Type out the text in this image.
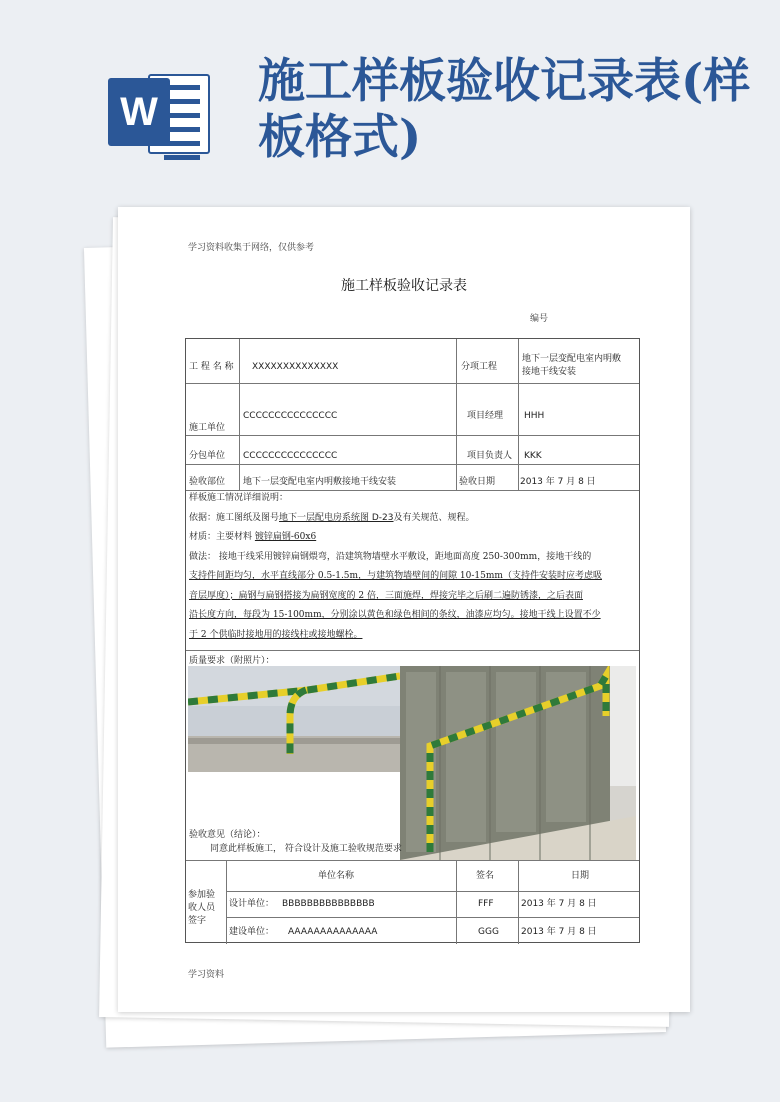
W
施工样板验收记录表(样板格式)
学习资料收集于网络，仅供参考
施工样板验收记录表
编号
工 程 名 称 XXXXXXXXXXXXXX	分项工程
地下一层变配电室内明敷
接地干线安装
施工单位
CCCCCCCCCCCCCCC	项目经理 HHH
分包单位 CCCCCCCCCCCCCCC	项目负责人 KKK
验收部位 地下一层变配电室内明敷接地干线安装	验收日期	2013 年 7 月 8 日
样板施工情况详细说明：
依据：施工图纸及图号地下一层配电房系统图 D-23及有关规范、规程。
材质：主要材料 镀锌扁钢-60x6
做法： 接地干线采用镀锌扁钢煨弯，沿建筑物墙壁水平敷设，距地面高度 250-300mm，接地干线的
支持件间距均匀，水平直线部分 0.5-1.5m，与建筑物墙壁间的间隙 10-15mm（支持件安装时应考虑吸
音层厚度）；扁钢与扁钢搭接为扁钢宽度的 2 倍，三面施焊，焊接完毕之后刷二遍防锈漆，之后表面
沿长度方向，每段为 15-100mm，分别涂以黄色和绿色相间的条纹，油漆应均匀。接地干线上设置不少
于 2 个供临时接地用的接线柱或接地螺栓。
质量要求（附照片）：
验收意见（结论）：
同意此样板施工， 符合设计及施工验收规范要求
参加验
收人员
签字
单位名称	签名	日期
设计单位： BBBBBBBBBBBBBBB	FFF	2013 年 7 月 8 日
建设单位： AAAAAAAAAAAAAA	GGG 2013 年 7 月 8 日
学习资料
